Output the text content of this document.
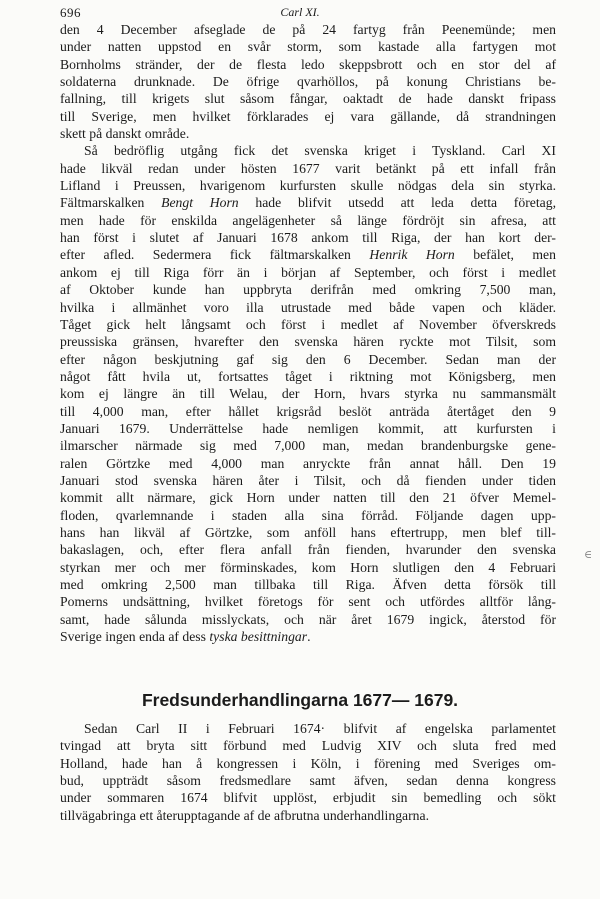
696	Carl XI.

den 4 December afseglade de på 24 fartyg från Peenemünde; men
under natten uppstod en svår storm, som kastade alla fartygen mot
Bornholms stränder, der de flesta ledo skeppsbrott och en stor del af
soldaterna drunknade. De öfrige qvarhöllos, på konung Christians be-
fallning, till krigets slut såsom fångar, oaktadt de hade danskt fripass
till Sverige, men hvilket förklarades ej vara gällande, då strandningen
skett på danskt område.

Så bedröflig utgång fick det svenska kriget i Tyskland. Carl XI
hade likväl redan under hösten 1677 varit betänkt på ett infall från
Lifland i Preussen, hvarigenom kurfursten skulle nödgas dela sin styrka.
Fältmarskalken Bengt Horn hade blifvit utsedd att leda detta företag,
men hade för enskilda angelägenheter så länge fördröjt sin afresa, att
han först i slutet af Januari 1678 ankom till Riga, der han kort der-
efter afled. Sedermera fick fältmarskalken Henrik Horn befälet, men
ankom ej till Riga förr än i början af September, och först i medlet
af Oktober kunde han uppbryta derifrån med omkring 7,500 man,
hvilka i allmänhet voro illa utrustade med både vapen och kläder.
Tåget gick helt långsamt och först i medlet af November öfverskreds
preussiska gränsen, hvarefter den svenska hären ryckte mot Tilsit, som
efter någon beskjutning gaf sig den 6 December. Sedan man der
något fått hvila ut, fortsattes tåget i riktning mot Königsberg, men
kom ej längre än till Welau, der Horn, hvars styrka nu sammansmält
till 4,000 man, efter hållet krigsråd beslöt anträda återtåget den 9
Januari 1679. Underrättelse hade nemligen kommit, att kurfursten i
ilmarscher närmade sig med 7,000 man, medan brandenburgske gene-
ralen Görtzke med 4,000 man anryckte från annat håll. Den 19
Januari stod svenska hären åter i Tilsit, och då fienden under tiden
kommit allt närmare, gick Horn under natten till den 21 öfver Memel-
floden, qvarlemnande i staden alla sina förråd. Följande dagen upp-
hans han likväl af Görtzke, som anföll hans eftertrupp, men blef till-
bakaslagen, och, efter flera anfall från fienden, hvarunder den svenska
styrkan mer och mer förminskades, kom Horn slutligen den 4 Februari
med omkring 2,500 man tillbaka till Riga. Äfven detta försök till
Pomerns undsättning, hvilket företogs för sent och utfördes alltför lång-
samt, hade sålunda misslyckats, och när året 1679 ingick, återstod för
Sverige ingen enda af dess tyska besittningar.

Fredsunderhandlingarna 1677— 1679.

Sedan Carl II i Februari 1674· blifvit af engelska parlamentet
tvingad att bryta sitt förbund med Ludvig XIV och sluta fred med
Holland, hade han å kongressen i Köln, i förening med Sveriges om-
bud, uppträdt såsom fredsmedlare samt äfven, sedan denna kongress
under sommaren 1674 blifvit upplöst, erbjudit sin bemedling och sökt
tillvägabringa ett återupptagande af de afbrutna underhandlingarna.

∈
